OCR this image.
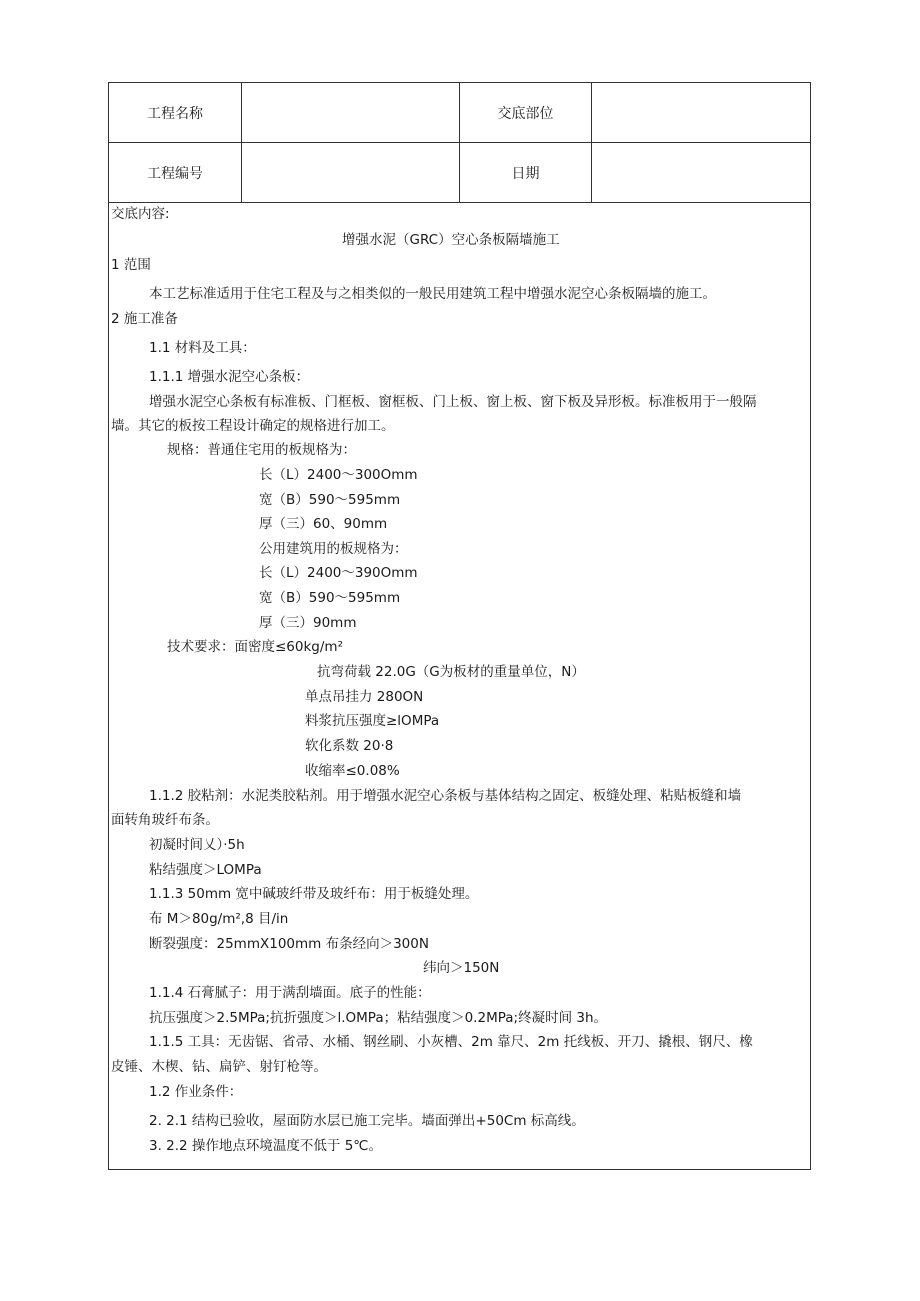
工程名称	交底部位
工程编号	日期
交底内容:
增强水泥（GRC）空心条板隔墙施工
1 范围
本工艺标准适用于住宅工程及与之相类似的一般民用建筑工程中增强水泥空心条板隔墙的施工。
2 施工准备
1.1 材料及工具：
1.1.1 增强水泥空心条板：
增强水泥空心条板有标准板、门框板、窗框板、门上板、窗上板、窗下板及异形板。标准板用于一般隔
墙。其它的板按工程设计确定的规格进行加工。
规格：普通住宅用的板规格为：
长（L）2400～300Omm
宽（B）590～595mm
厚（三）60、90mm
公用建筑用的板规格为：
长（L）2400～390Omm
宽（B）590～595mm
厚（三）90mm
技术要求：面密度≤60kg∕m²
抗弯荷载 22.0G（G为板材的重量单位，N）
单点吊挂力 280ON
料浆抗压强度≥lOMPa
软化系数 20·8
收缩率≤0.08%
1.1.2 胶粘剂：水泥类胶粘剂。用于增强水泥空心条板与基体结构之固定、板缝处理、粘贴板缝和墙
面转角玻纤布条。
初凝时间乂）·5h
粘结强度＞LOMPa
1.1.3 50mm 宽中碱玻纤带及玻纤布：用于板缝处理。
布 M＞80g∕m²,8 目/in
断裂强度：25mmX100mm 布条经向＞300N
纬向＞150N
1.1.4 石膏腻子：用于满刮墙面。底子的性能：
抗压强度＞2.5MPa;抗折强度＞l.OMPa；粘结强度＞0.2MPa;终凝时间 3h。
1.1.5 工具：无齿锯、省帚、水桶、钢丝刷、小灰槽、2m 靠尺、2m 托线板、开刀、撬根、钢尺、橡
皮锤、木楔、钻、扁铲、射钉枪等。
1.2 作业条件：
2. 2.1 结构已验收，屋面防水层已施工完毕。墙面弹出+50Cm 标高线。
3. 2.2 操作地点环境温度不低于 5℃。
